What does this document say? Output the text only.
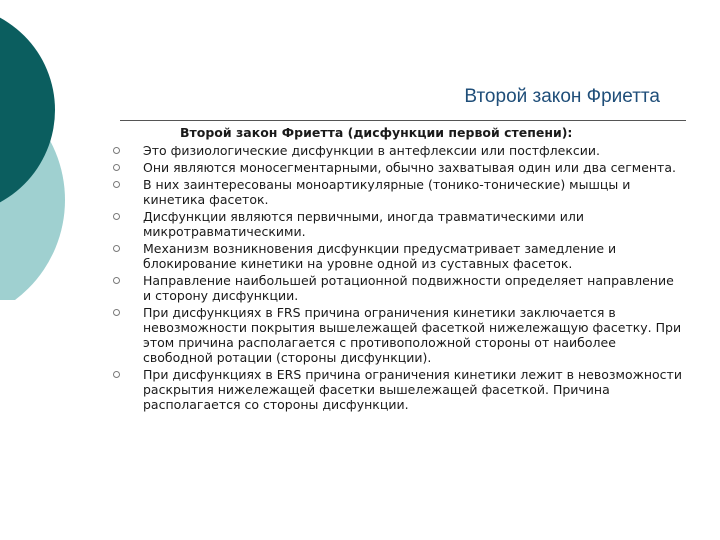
Второй закон Фриетта
Второй закон Фриетта (дисфункции первой степени):
Это физиологические дисфункции в антефлексии или постфлексии.
Они являются моносегментарными, обычно захватывая один или два сегмента.
В них заинтересованы моноартикулярные (тонико-тонические) мышцы и кинетика фасеток.
Дисфункции являются первичными, иногда травматическими или микротравматическими.
Механизм возникновения дисфункции предусматривает замедление и блокирование кинетики на уровне одной из суставных фасеток.
Направление наибольшей ротационной подвижности определяет направление и сторону дисфункции.
При дисфункциях в FRS причина ограничения кинетики заключается в невозможности покрытия вышележащей фасеткой нижележащую фасетку. При этом причина располагается с противоположной стороны от наиболее свободной ротации (стороны дисфункции).
При дисфункциях в ERS причина ограничения кинетики лежит в невозможности раскрытия нижележащей фасетки вышележащей фасеткой. Причина располагается со стороны дисфункции.
